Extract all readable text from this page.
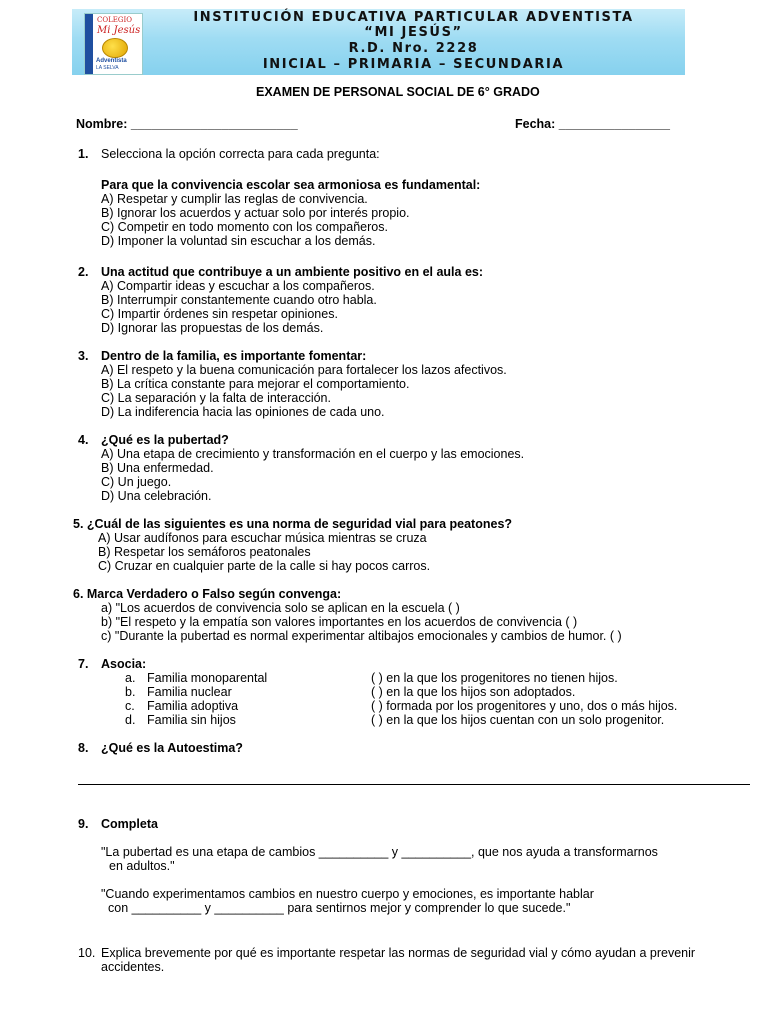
COLEGIO
Mi Jesús
Adventista
LA SELVA
INSTITUCIÓN EDUCATIVA PARTICULAR ADVENTISTA
“MI JESÚS”
R.D. Nro. 2228
INICIAL – PRIMARIA – SECUNDARIA
EXAMEN DE PERSONAL SOCIAL DE 6° GRADO
Nombre: ________________________	Fecha: ________________
1. Selecciona la opción correcta para cada pregunta:
Para que la convivencia escolar sea armoniosa es fundamental:
A) Respetar y cumplir las reglas de convivencia.
B) Ignorar los acuerdos y actuar solo por interés propio.
C) Competir en todo momento con los compañeros.
D) Imponer la voluntad sin escuchar a los demás.
2. Una actitud que contribuye a un ambiente positivo en el aula es:
A) Compartir ideas y escuchar a los compañeros.
B) Interrumpir constantemente cuando otro habla.
C) Impartir órdenes sin respetar opiniones.
D) Ignorar las propuestas de los demás.
3. Dentro de la familia, es importante fomentar:
A) El respeto y la buena comunicación para fortalecer los lazos afectivos.
B) La crítica constante para mejorar el comportamiento.
C) La separación y la falta de interacción.
D) La indiferencia hacia las opiniones de cada uno.
4. ¿Qué es la pubertad?
A) Una etapa de crecimiento y transformación en el cuerpo y las emociones.
B) Una enfermedad.
C) Un juego.
D) Una celebración.
5. ¿Cuál de las siguientes es una norma de seguridad vial para peatones?
A) Usar audífonos para escuchar música mientras se cruza
B) Respetar los semáforos peatonales
C) Cruzar en cualquier parte de la calle si hay pocos carros.
6. Marca Verdadero o Falso según convenga:
a) "Los acuerdos de convivencia solo se aplican en la escuela ( )
b) "El respeto y la empatía son valores importantes en los acuerdos de convivencia ( )
c) "Durante la pubertad es normal experimentar altibajos emocionales y cambios de humor. ( )
7. Asocia:
a. Familia monoparental
b. Familia nuclear
c. Familia adoptiva
d. Familia sin hijos
( ) en la que los progenitores no tienen hijos.
( ) en la que los hijos son adoptados.
( ) formada por los progenitores y uno, dos o más hijos.
( ) en la que los hijos cuentan con un solo progenitor.
8. ¿Qué es la Autoestima?
9. Completa
"La pubertad es una etapa de cambios __________ y __________, que nos ayuda a transformarnos
en adultos."
"Cuando experimentamos cambios en nuestro cuerpo y emociones, es importante hablar
con __________ y __________ para sentirnos mejor y comprender lo que sucede."
10. Explica brevemente por qué es importante respetar las normas de seguridad vial y cómo ayudan a prevenir
accidentes.
